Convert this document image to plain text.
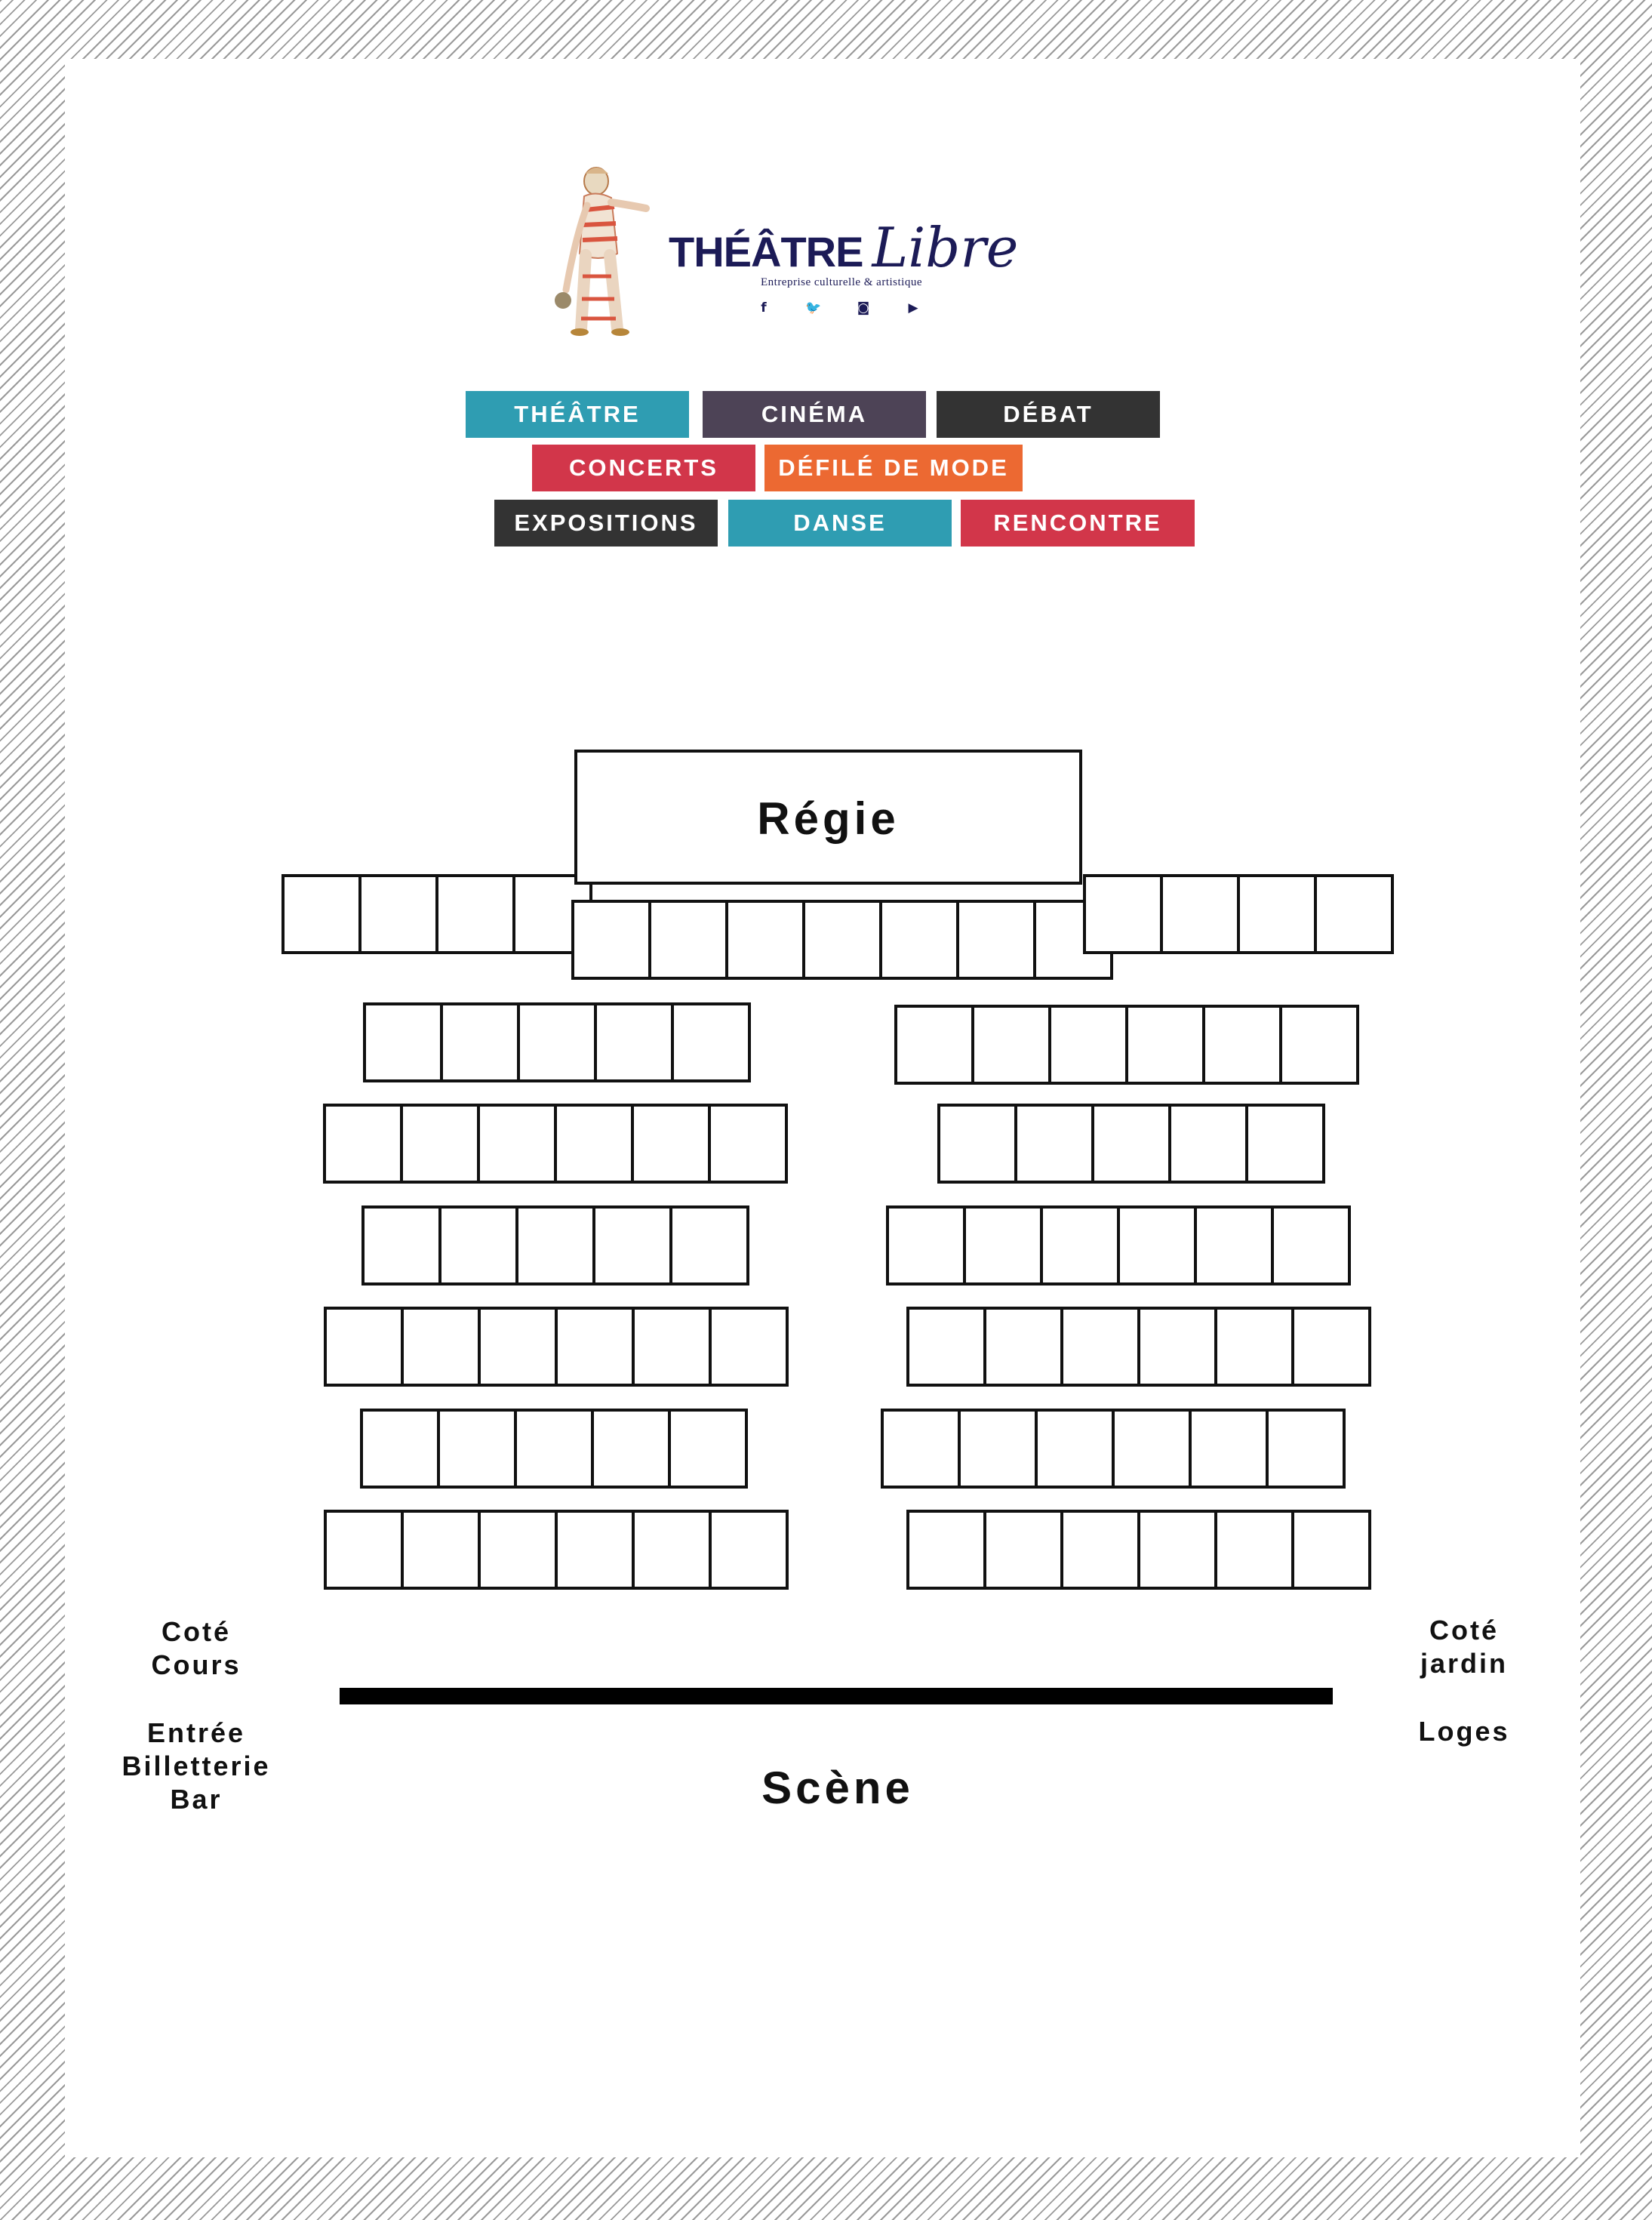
THÉÂTRE Libre
Entreprise culturelle & artistique
f	🐦	◙	▶
THÉÂTRE	CINÉMA	DÉBAT
CONCERTS	DÉFILÉ DE MODE
EXPOSITIONS	DANSE	RENCONTRE
Régie
Scène
Coté
Cours
Entrée
Billetterie
Bar
Coté
jardin
Loges
